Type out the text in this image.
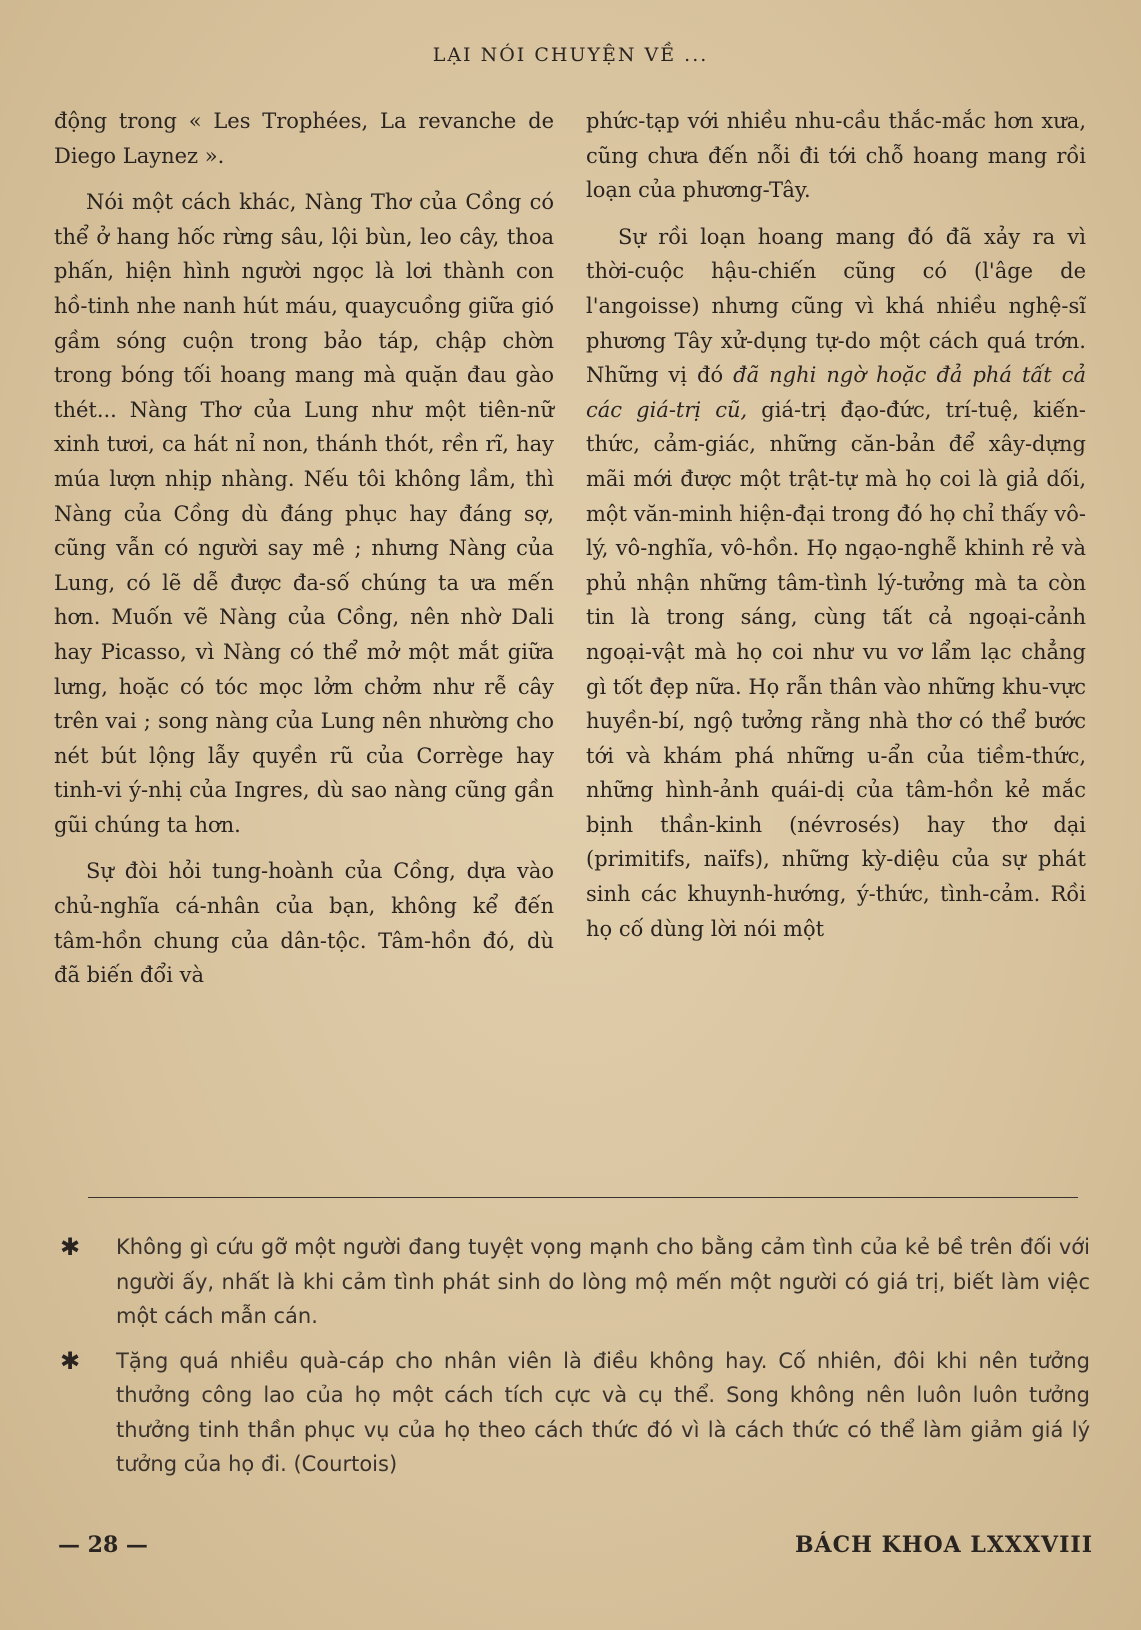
LẠI NÓI CHUYỆN VỀ ...

động trong « Les Trophées, La revanche de Diego Laynez ».

Nói một cách khác, Nàng Thơ của Cồng có thể ở hang hốc rừng sâu, lội bùn, leo cây, thoa phấn, hiện hình người ngọc là lơi thành con hồ-tinh nhe nanh hút máu, quaycuồng giữa gió gầm sóng cuộn trong bảo táp, chập chờn trong bóng tối hoang mang mà quặn đau gào thét... Nàng Thơ của Lung như một tiên-nữ xinh tươi, ca hát nỉ non, thánh thót, rền rĩ, hay múa lượn nhịp nhàng. Nếu tôi không lầm, thì Nàng của Cồng dù đáng phục hay đáng sợ, cũng vẫn có người say mê ; nhưng Nàng của Lung, có lẽ dễ được đa-số chúng ta ưa mến hơn. Muốn vẽ Nàng của Cồng, nên nhờ Dali hay Picasso, vì Nàng có thể mở một mắt giữa lưng, hoặc có tóc mọc lởm chởm như rễ cây trên vai ; song nàng của Lung nên nhường cho nét bút lộng lẫy quyền rũ của Corrège hay tinh-vi ý-nhị của Ingres, dù sao nàng cũng gần gũi chúng ta hơn.

Sự đòi hỏi tung-hoành của Cồng, dựa vào chủ-nghĩa cá-nhân của bạn, không kể đến tâm-hồn chung của dân-tộc. Tâm-hồn đó, dù đã biến đổi và

phức-tạp với nhiều nhu-cầu thắc-mắc hơn xưa, cũng chưa đến nỗi đi tới chỗ hoang mang rồi loạn của phương-Tây.

Sự rồi loạn hoang mang đó đã xảy ra vì thời-cuộc hậu-chiến cũng có (l'âge de l'angoisse) nhưng cũng vì khá nhiều nghệ-sĩ phương Tây xử-dụng tự-do một cách quá trớn. Những vị đó đã nghi ngờ hoặc đả phá tất cả các giá-trị cũ, giá-trị đạo-đức, trí-tuệ, kiến-thức, cảm-giác, những căn-bản để xây-dựng mãi mới được một trật-tự mà họ coi là giả dối, một văn-minh hiện-đại trong đó họ chỉ thấy vô-lý, vô-nghĩa, vô-hồn. Họ ngạo-nghễ khinh rẻ và phủ nhận những tâm-tình lý-tưởng mà ta còn tin là trong sáng, cùng tất cả ngoại-cảnh ngoại-vật mà họ coi như vu vơ lẩm lạc chẳng gì tốt đẹp nữa. Họ rẫn thân vào những khu-vực huyền-bí, ngộ tưởng rằng nhà thơ có thể bước tới và khám phá những u-ẩn của tiềm-thức, những hình-ảnh quái-dị của tâm-hồn kẻ mắc bịnh thần-kinh (névrosés) hay thơ dại (primitifs, naïfs), những kỳ-diệu của sự phát sinh các khuynh-hướng, ý-thức, tình-cảm. Rồi họ cố dùng lời nói một

✱ Không gì cứu gỡ một người đang tuyệt vọng mạnh cho bằng cảm tình của kẻ bề trên đối với người ấy, nhất là khi cảm tình phát sinh do lòng mộ mến một người có giá trị, biết làm việc một cách mẫn cán.
✱ Tặng quá nhiều quà-cáp cho nhân viên là điều không hay. Cố nhiên, đôi khi nên tưởng thưởng công lao của họ một cách tích cực và cụ thể. Song không nên luôn luôn tưởng thưởng tinh thần phục vụ của họ theo cách thức đó vì là cách thức có thể làm giảm giá lý tưởng của họ đi. (Courtois)
— 28 —	BÁCH KHOA LXXXVIII
